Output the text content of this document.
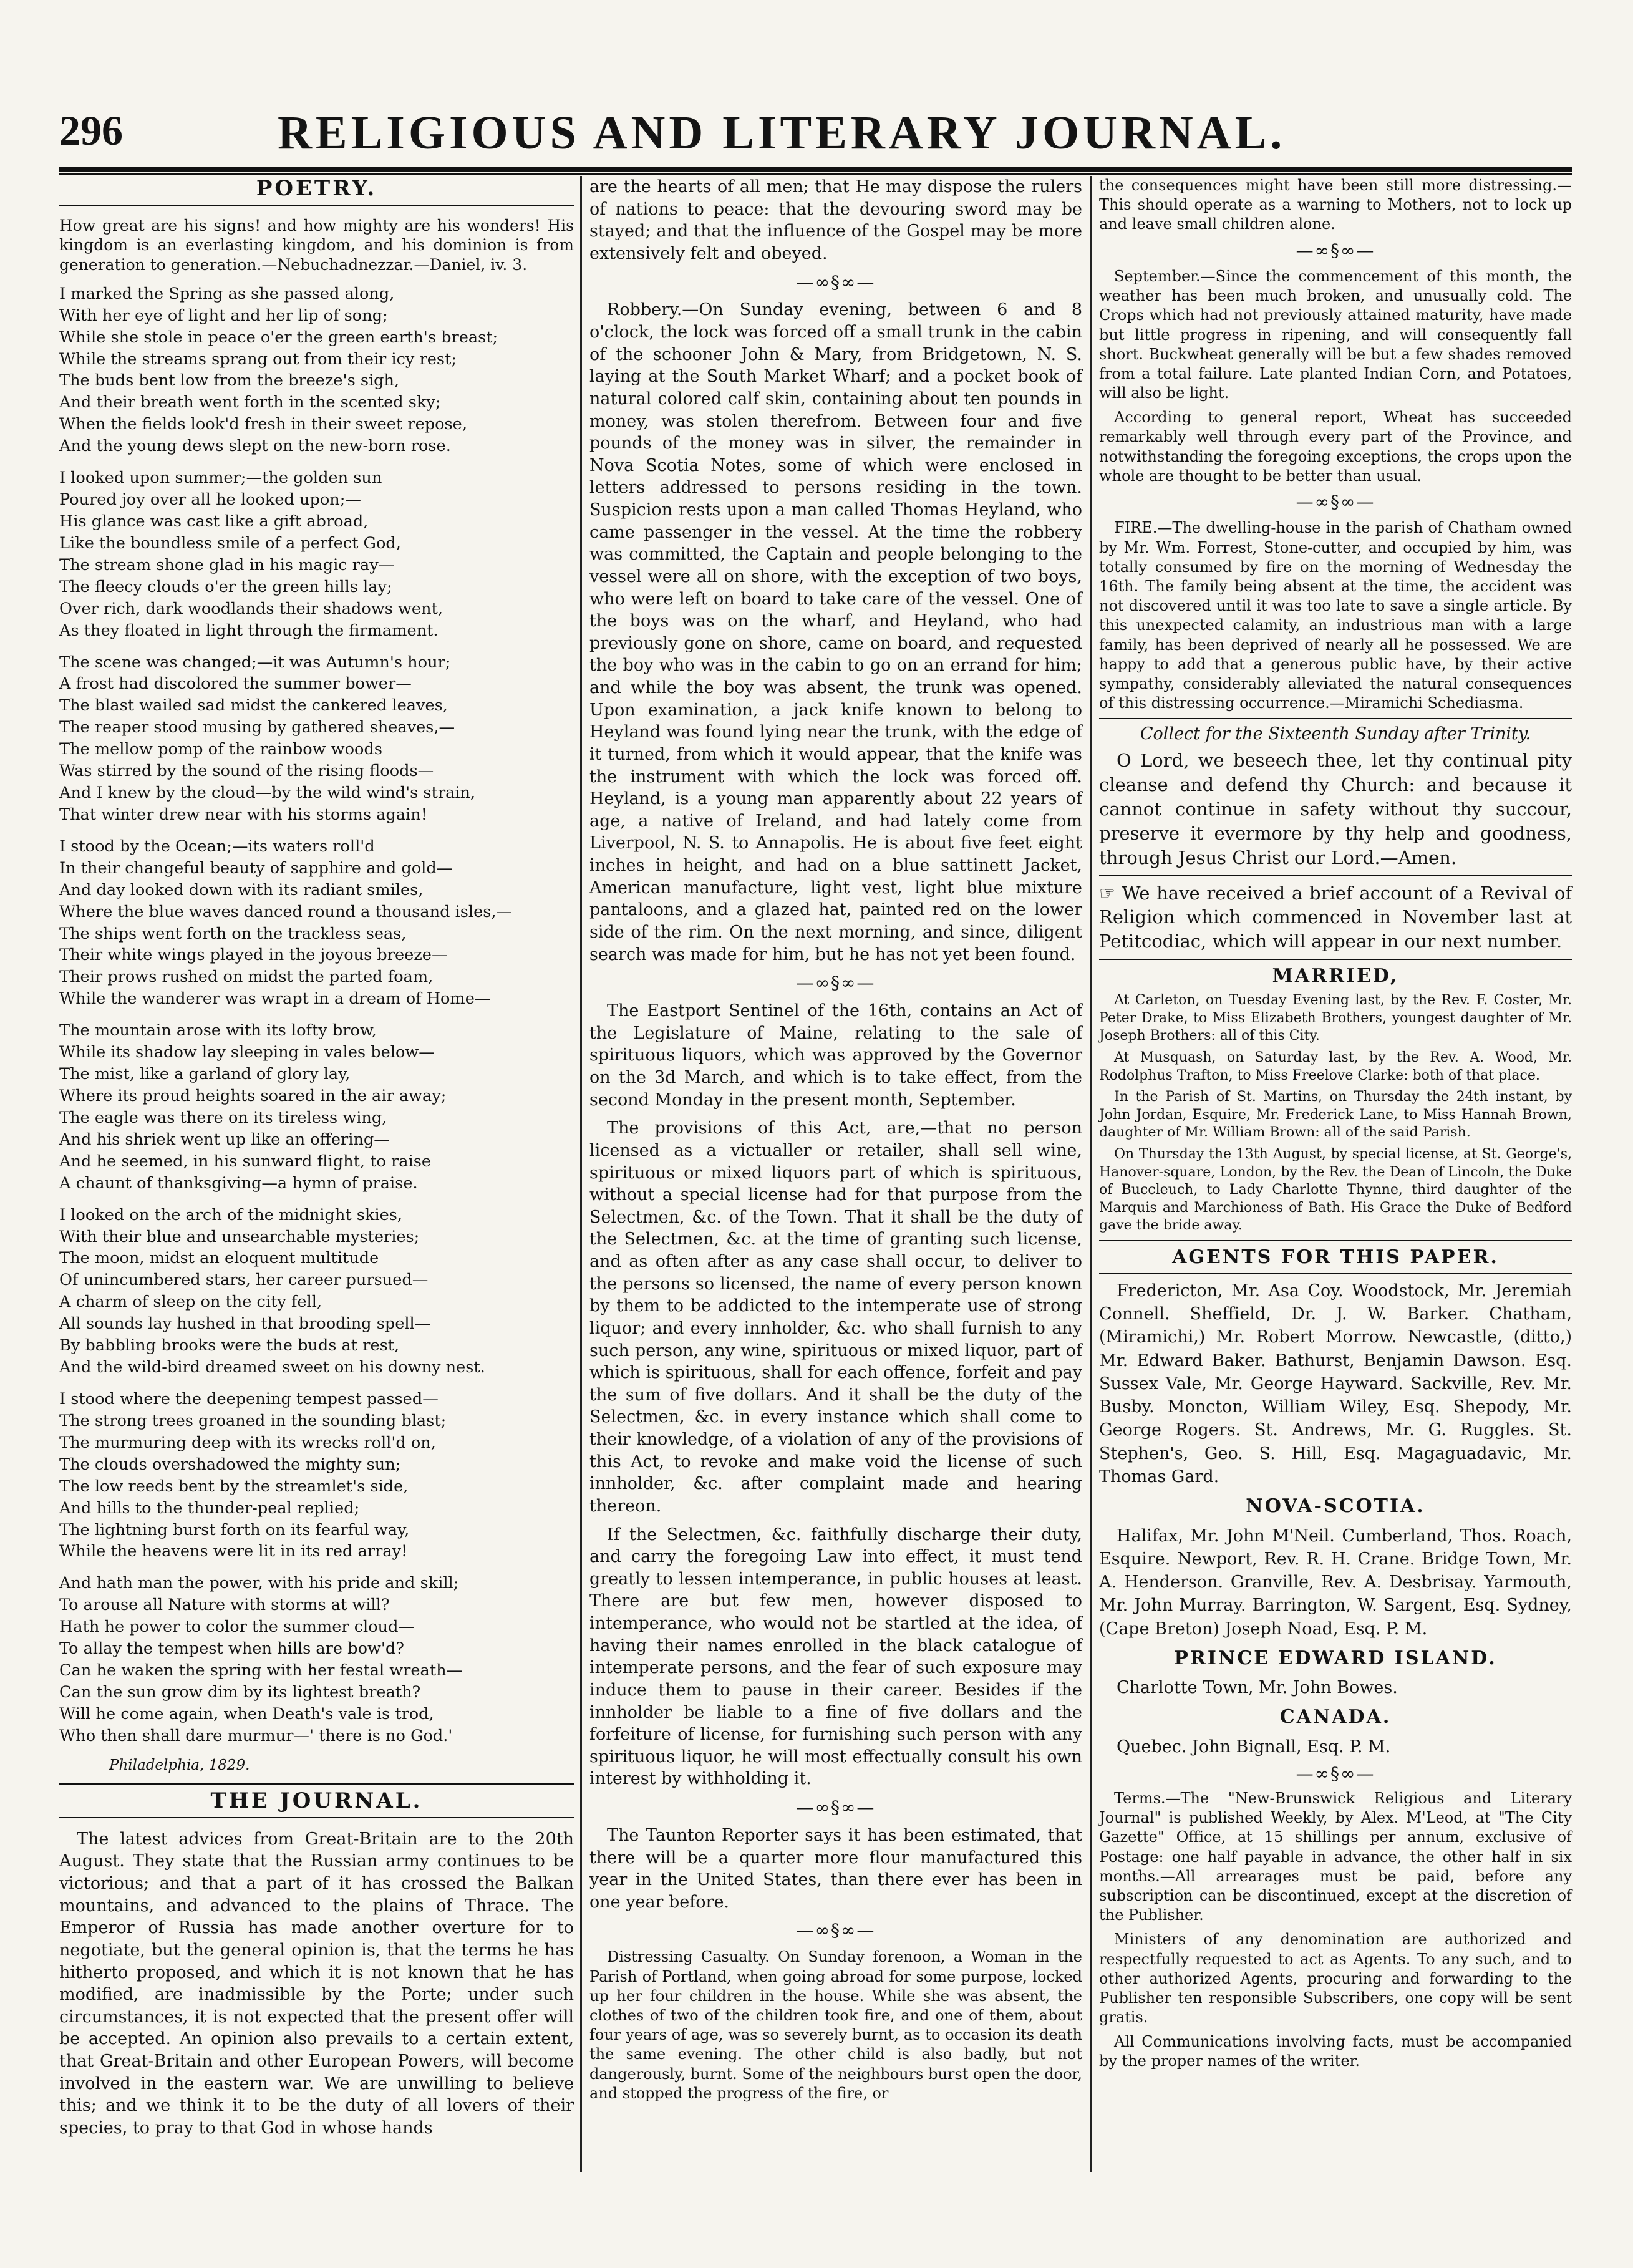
296	RELIGIOUS AND LITERARY JOURNAL.
POETRY.
How great are his signs! and how mighty are his wonders! His kingdom is an everlasting kingdom, and his dominion is from generation to generation.—Nebuchadnezzar.—Daniel, iv. 3.
I marked the Spring as she passed along,
With her eye of light and her lip of song;
While she stole in peace o'er the green earth's breast;
While the streams sprang out from their icy rest;
The buds bent low from the breeze's sigh,
And their breath went forth in the scented sky;
When the fields look'd fresh in their sweet repose,
And the young dews slept on the new-born rose.
I looked upon summer;—the golden sun
Poured joy over all he looked upon;—
His glance was cast like a gift abroad,
Like the boundless smile of a perfect God,
The stream shone glad in his magic ray—
The fleecy clouds o'er the green hills lay;
Over rich, dark woodlands their shadows went,
As they floated in light through the firmament.
The scene was changed;—it was Autumn's hour;
A frost had discolored the summer bower—
The blast wailed sad midst the cankered leaves,
The reaper stood musing by gathered sheaves,—
The mellow pomp of the rainbow woods
Was stirred by the sound of the rising floods—
And I knew by the cloud—by the wild wind's strain,
That winter drew near with his storms again!
I stood by the Ocean;—its waters roll'd
In their changeful beauty of sapphire and gold—
And day looked down with its radiant smiles,
Where the blue waves danced round a thousand isles,—
The ships went forth on the trackless seas,
Their white wings played in the joyous breeze—
Their prows rushed on midst the parted foam,
While the wanderer was wrapt in a dream of Home—
The mountain arose with its lofty brow,
While its shadow lay sleeping in vales below—
The mist, like a garland of glory lay,
Where its proud heights soared in the air away;
The eagle was there on its tireless wing,
And his shriek went up like an offering—
And he seemed, in his sunward flight, to raise
A chaunt of thanksgiving—a hymn of praise.
I looked on the arch of the midnight skies,
With their blue and unsearchable mysteries;
The moon, midst an eloquent multitude
Of unincumbered stars, her career pursued—
A charm of sleep on the city fell,
All sounds lay hushed in that brooding spell—
By babbling brooks were the buds at rest,
And the wild-bird dreamed sweet on his downy nest.
I stood where the deepening tempest passed—
The strong trees groaned in the sounding blast;
The murmuring deep with its wrecks roll'd on,
The clouds overshadowed the mighty sun;
The low reeds bent by the streamlet's side,
And hills to the thunder-peal replied;
The lightning burst forth on its fearful way,
While the heavens were lit in its red array!
And hath man the power, with his pride and skill;
To arouse all Nature with storms at will?
Hath he power to color the summer cloud—
To allay the tempest when hills are bow'd?
Can he waken the spring with her festal wreath—
Can the sun grow dim by its lightest breath?
Will he come again, when Death's vale is trod,
Who then shall dare murmur—' there is no God.'
Philadelphia, 1829.
THE JOURNAL.

The latest advices from Great-Britain are to the 20th August. They state that the Russian army continues to be victorious; and that a part of it has crossed the Balkan mountains, and advanced to the plains of Thrace. The Emperor of Russia has made another overture for to negotiate, but the general opinion is, that the terms he has hitherto proposed, and which it is not known that he has modified, are inadmissible by the Porte; under such circumstances, it is not expected that the present offer will be accepted. An opinion also prevails to a certain extent, that Great-Britain and other European Powers, will become involved in the eastern war. We are unwilling to believe this; and we think it to be the duty of all lovers of their species, to pray to that God in whose hands

are the hearts of all men; that He may dispose the rulers of nations to peace: that the devouring sword may be stayed; and that the influence of the Gospel may be more extensively felt and obeyed.

—∞§∞—

Robbery.—On Sunday evening, between 6 and 8 o'clock, the lock was forced off a small trunk in the cabin of the schooner John & Mary, from Bridgetown, N. S. laying at the South Market Wharf; and a pocket book of natural colored calf skin, containing about ten pounds in money, was stolen therefrom. Between four and five pounds of the money was in silver, the remainder in Nova Scotia Notes, some of which were enclosed in letters addressed to persons residing in the town. Suspicion rests upon a man called Thomas Heyland, who came passenger in the vessel. At the time the robbery was committed, the Captain and people belonging to the vessel were all on shore, with the exception of two boys, who were left on board to take care of the vessel. One of the boys was on the wharf, and Heyland, who had previously gone on shore, came on board, and requested the boy who was in the cabin to go on an errand for him; and while the boy was absent, the trunk was opened. Upon examination, a jack knife known to belong to Heyland was found lying near the trunk, with the edge of it turned, from which it would appear, that the knife was the instrument with which the lock was forced off. Heyland, is a young man apparently about 22 years of age, a native of Ireland, and had lately come from Liverpool, N. S. to Annapolis. He is about five feet eight inches in height, and had on a blue sattinett Jacket, American manufacture, light vest, light blue mixture pantaloons, and a glazed hat, painted red on the lower side of the rim. On the next morning, and since, diligent search was made for him, but he has not yet been found.

—∞§∞—

The Eastport Sentinel of the 16th, contains an Act of the Legislature of Maine, relating to the sale of spirituous liquors, which was approved by the Governor on the 3d March, and which is to take effect, from the second Monday in the present month, September.

The provisions of this Act, are,—that no person licensed as a victualler or retailer, shall sell wine, spirituous or mixed liquors part of which is spirituous, without a special license had for that purpose from the Selectmen, &c. of the Town. That it shall be the duty of the Selectmen, &c. at the time of granting such license, and as often after as any case shall occur, to deliver to the persons so licensed, the name of every person known by them to be addicted to the intemperate use of strong liquor; and every innholder, &c. who shall furnish to any such person, any wine, spirituous or mixed liquor, part of which is spirituous, shall for each offence, forfeit and pay the sum of five dollars. And it shall be the duty of the Selectmen, &c. in every instance which shall come to their knowledge, of a violation of any of the provisions of this Act, to revoke and make void the license of such innholder, &c. after complaint made and hearing thereon.

If the Selectmen, &c. faithfully discharge their duty, and carry the foregoing Law into effect, it must tend greatly to lessen intemperance, in public houses at least. There are but few men, however disposed to intemperance, who would not be startled at the idea, of having their names enrolled in the black catalogue of intemperate persons, and the fear of such exposure may induce them to pause in their career. Besides if the innholder be liable to a fine of five dollars and the forfeiture of license, for furnishing such person with any spirituous liquor, he will most effectually consult his own interest by withholding it.

—∞§∞—

The Taunton Reporter says it has been estimated, that there will be a quarter more flour manufactured this year in the United States, than there ever has been in one year before.

—∞§∞—

Distressing Casualty. On Sunday forenoon, a Woman in the Parish of Portland, when going abroad for some purpose, locked up her four children in the house. While she was absent, the clothes of two of the children took fire, and one of them, about four years of age, was so severely burnt, as to occasion its death the same evening. The other child is also badly, but not dangerously, burnt. Some of the neighbours burst open the door, and stopped the progress of the fire, or

the consequences might have been still more distressing.—This should operate as a warning to Mothers, not to lock up and leave small children alone.

—∞§∞—

September.—Since the commencement of this month, the weather has been much broken, and unusually cold. The Crops which had not previously attained maturity, have made but little progress in ripening, and will consequently fall short. Buckwheat generally will be but a few shades removed from a total failure. Late planted Indian Corn, and Potatoes, will also be light.

According to general report, Wheat has succeeded remarkably well through every part of the Province, and notwithstanding the foregoing exceptions, the crops upon the whole are thought to be better than usual.

—∞§∞—

FIRE.—The dwelling-house in the parish of Chatham owned by Mr. Wm. Forrest, Stone-cutter, and occupied by him, was totally consumed by fire on the morning of Wednesday the 16th. The family being absent at the time, the accident was not discovered until it was too late to save a single article. By this unexpected calamity, an industrious man with a large family, has been deprived of nearly all he possessed. We are happy to add that a generous public have, by their active sympathy, considerably alleviated the natural consequences of this distressing occurrence.—Miramichi Schediasma.

Collect for the Sixteenth Sunday after Trinity.
O Lord, we beseech thee, let thy continual pity cleanse and defend thy Church: and because it cannot continue in safety without thy succour, preserve it evermore by thy help and goodness, through Jesus Christ our Lord.—Amen.
☞ We have received a brief account of a Revival of Religion which commenced in November last at Petitcodiac, which will appear in our next number.
MARRIED,

At Carleton, on Tuesday Evening last, by the Rev. F. Coster, Mr. Peter Drake, to Miss Elizabeth Brothers, youngest daughter of Mr. Joseph Brothers: all of this City.

At Musquash, on Saturday last, by the Rev. A. Wood, Mr. Rodolphus Trafton, to Miss Freelove Clarke: both of that place.

In the Parish of St. Martins, on Thursday the 24th instant, by John Jordan, Esquire, Mr. Frederick Lane, to Miss Hannah Brown, daughter of Mr. William Brown: all of the said Parish.

On Thursday the 13th August, by special license, at St. George's, Hanover-square, London, by the Rev. the Dean of Lincoln, the Duke of Buccleuch, to Lady Charlotte Thynne, third daughter of the Marquis and Marchioness of Bath. His Grace the Duke of Bedford gave the bride away.

AGENTS FOR THIS PAPER.

Fredericton, Mr. Asa Coy. Woodstock, Mr. Jeremiah Connell. Sheffield, Dr. J. W. Barker. Chatham, (Miramichi,) Mr. Robert Morrow. Newcastle, (ditto,) Mr. Edward Baker. Bathurst, Benjamin Dawson. Esq. Sussex Vale, Mr. George Hayward. Sackville, Rev. Mr. Busby. Moncton, William Wiley, Esq. Shepody, Mr. George Rogers. St. Andrews, Mr. G. Ruggles. St. Stephen's, Geo. S. Hill, Esq. Magaguadavic, Mr. Thomas Gard.

NOVA-SCOTIA.

Halifax, Mr. John M'Neil. Cumberland, Thos. Roach, Esquire. Newport, Rev. R. H. Crane. Bridge Town, Mr. A. Henderson. Granville, Rev. A. Desbrisay. Yarmouth, Mr. John Murray. Barrington, W. Sargent, Esq. Sydney, (Cape Breton) Joseph Noad, Esq. P. M.

PRINCE EDWARD ISLAND.

Charlotte Town, Mr. John Bowes.

CANADA.

Quebec. John Bignall, Esq. P. M.

—∞§∞—

Terms.—The "New-Brunswick Religious and Literary Journal" is published Weekly, by Alex. M'Leod, at "The City Gazette" Office, at 15 shillings per annum, exclusive of Postage: one half payable in advance, the other half in six months.—All arrearages must be paid, before any subscription can be discontinued, except at the discretion of the Publisher.

Ministers of any denomination are authorized and respectfully requested to act as Agents. To any such, and to other authorized Agents, procuring and forwarding to the Publisher ten responsible Subscribers, one copy will be sent gratis.

All Communications involving facts, must be accompanied by the proper names of the writer.
